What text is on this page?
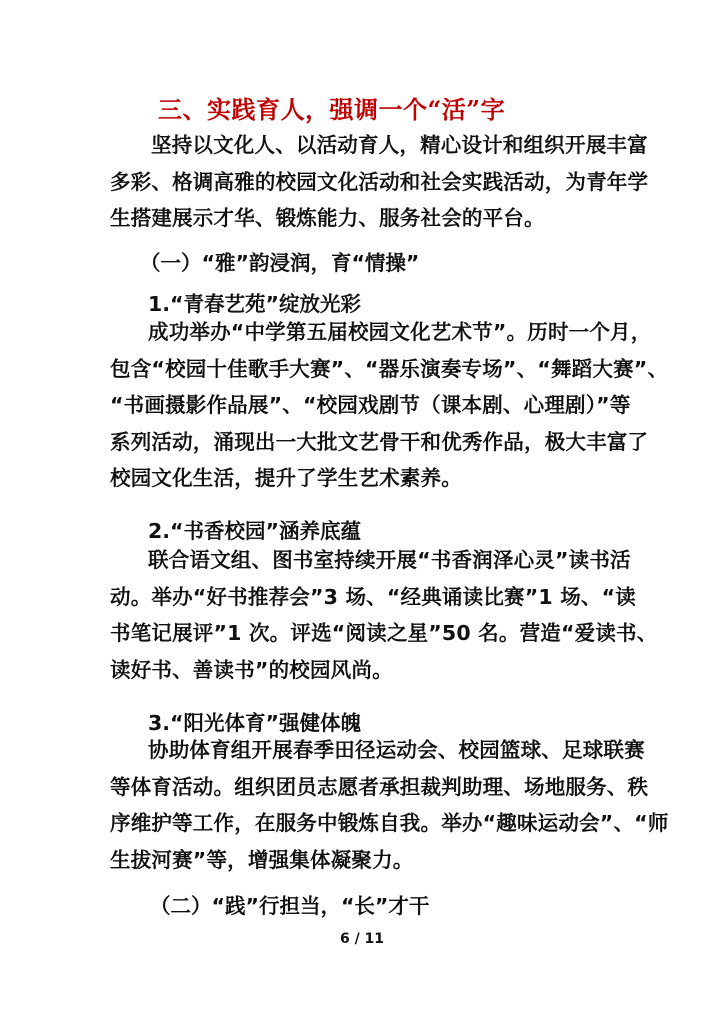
三、实践育人，强调一个“活”字
坚持以文化人、以活动育人，精心设计和组织开展丰富
多彩、格调高雅的校园文化活动和社会实践活动，为青年学
生搭建展示才华、锻炼能力、服务社会的平台。
（一）“雅”韵浸润，育“情操”
1.“青春艺苑”绽放光彩
成功举办“中学第五届校园文化艺术节”。历时一个月，
包含“校园十佳歌手大赛”、“器乐演奏专场”、“舞蹈大赛”、
“书画摄影作品展”、“校园戏剧节（课本剧、心理剧）”等
系列活动，涌现出一大批文艺骨干和优秀作品，极大丰富了
校园文化生活，提升了学生艺术素养。
2.“书香校园”涵养底蕴
联合语文组、图书室持续开展“书香润泽心灵”读书活
动。举办“好书推荐会”3 场、“经典诵读比赛”1 场、“读
书笔记展评”1 次。评选“阅读之星”50 名。营造“爱读书、
读好书、善读书”的校园风尚。
3.“阳光体育”强健体魄
协助体育组开展春季田径运动会、校园篮球、足球联赛
等体育活动。组织团员志愿者承担裁判助理、场地服务、秩
序维护等工作，在服务中锻炼自我。举办“趣味运动会”、“师
生拔河赛”等，增强集体凝聚力。
（二）“践”行担当，“长”才干
6 / 11
